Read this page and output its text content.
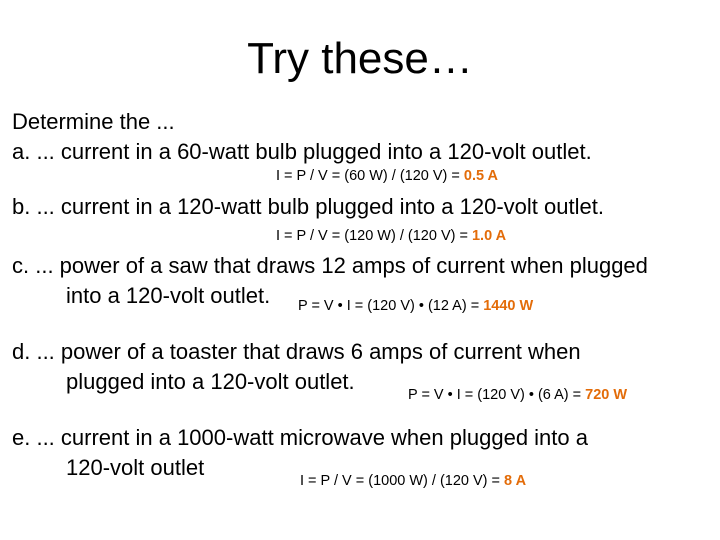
Try these…
Determine the ...
a. ... current in a 60-watt bulb plugged into a 120-volt outlet.
I = P / V = (60 W) / (120 V) = 0.5 A
b. ... current in a 120-watt bulb plugged into a 120-volt outlet.
I = P / V = (120 W) / (120 V) = 1.0 A
c. ... power of a saw that draws 12 amps of current when plugged
into a 120-volt outlet. P = V • I = (120 V) • (12 A) = 1440 W
d. ... power of a toaster that draws 6 amps of current when
plugged into a 120-volt outlet.
P = V • I = (120 V) • (6 A) = 720 W
e. ... current in a 1000-watt microwave when plugged into a
120-volt outlet
I = P / V = (1000 W) / (120 V) = 8 A
